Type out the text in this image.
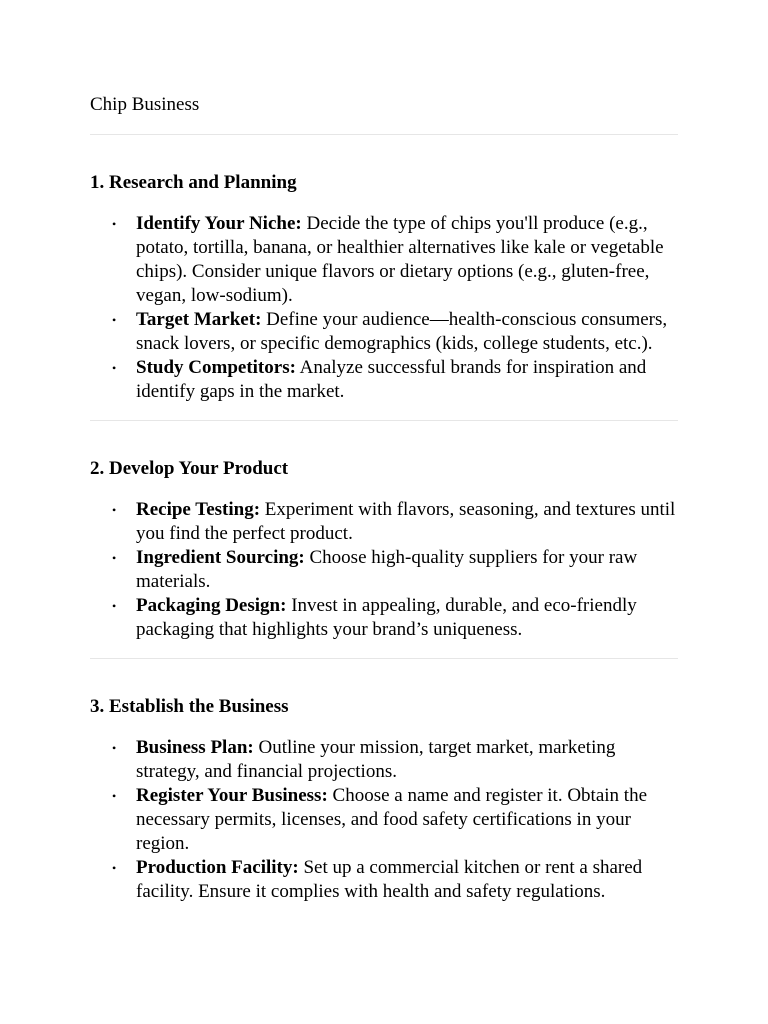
Chip Business
1. Research and Planning
• Identify Your Niche: Decide the type of chips you'll produce (e.g., potato, tortilla, banana, or healthier alternatives like kale or vegetable chips). Consider unique flavors or dietary options (e.g., gluten-free, vegan, low-sodium).
• Target Market: Define your audience—health-conscious consumers, snack lovers, or specific demographics (kids, college students, etc.).
• Study Competitors: Analyze successful brands for inspiration and identify gaps in the market.
2. Develop Your Product
• Recipe Testing: Experiment with flavors, seasoning, and textures until you find the perfect product.
• Ingredient Sourcing: Choose high-quality suppliers for your raw materials.
• Packaging Design: Invest in appealing, durable, and eco-friendly packaging that highlights your brand’s uniqueness.
3. Establish the Business
• Business Plan: Outline your mission, target market, marketing strategy, and financial projections.
• Register Your Business: Choose a name and register it. Obtain the necessary permits, licenses, and food safety certifications in your region.
• Production Facility: Set up a commercial kitchen or rent a shared facility. Ensure it complies with health and safety regulations.
